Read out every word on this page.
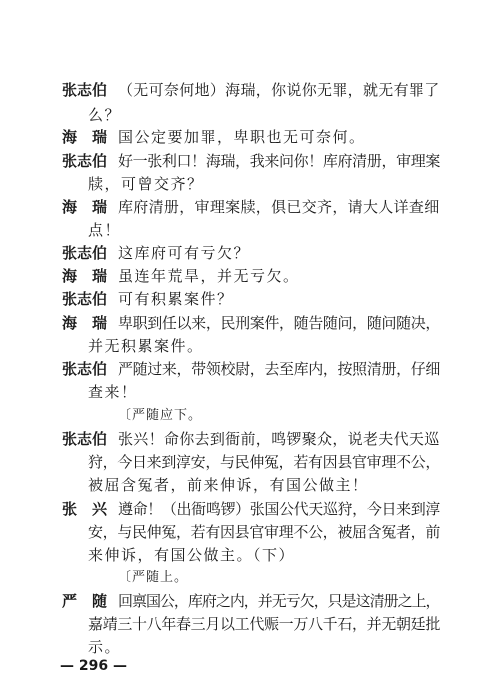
张志伯 （无可奈何地）海瑞，你说你无罪，就无有罪了
么？
海　瑞 国公定要加罪，卑职也无可奈何。
张志伯 好一张利口！海瑞，我来问你！库府清册，审理案
牍，可曾交齐？
海　瑞 库府清册，审理案牍，俱已交齐，请大人详查细
点！
张志伯 这库府可有亏欠？
海　瑞 虽连年荒旱，并无亏欠。
张志伯 可有积累案件？
海　瑞 卑职到任以来，民刑案件，随告随问，随问随决，
并无积累案件。
张志伯 严随过来，带领校尉，去至库内，按照清册，仔细
查来！
〔严随应下。
张志伯 张兴！命你去到衙前，鸣锣聚众，说老夫代天巡
狩，今日来到淳安，与民伸冤，若有因县官审理不公，
被屈含冤者，前来伸诉，有国公做主！
张　兴 遵命！（出衙鸣锣）张国公代天巡狩，今日来到淳
安，与民伸冤，若有因县官审理不公，被屈含冤者，前
来伸诉，有国公做主。（下）
〔严随上。
严　随 回禀国公，库府之内，并无亏欠，只是这清册之上，
嘉靖三十八年春三月以工代赈一万八千石，并无朝廷批
示。
— 296 —
